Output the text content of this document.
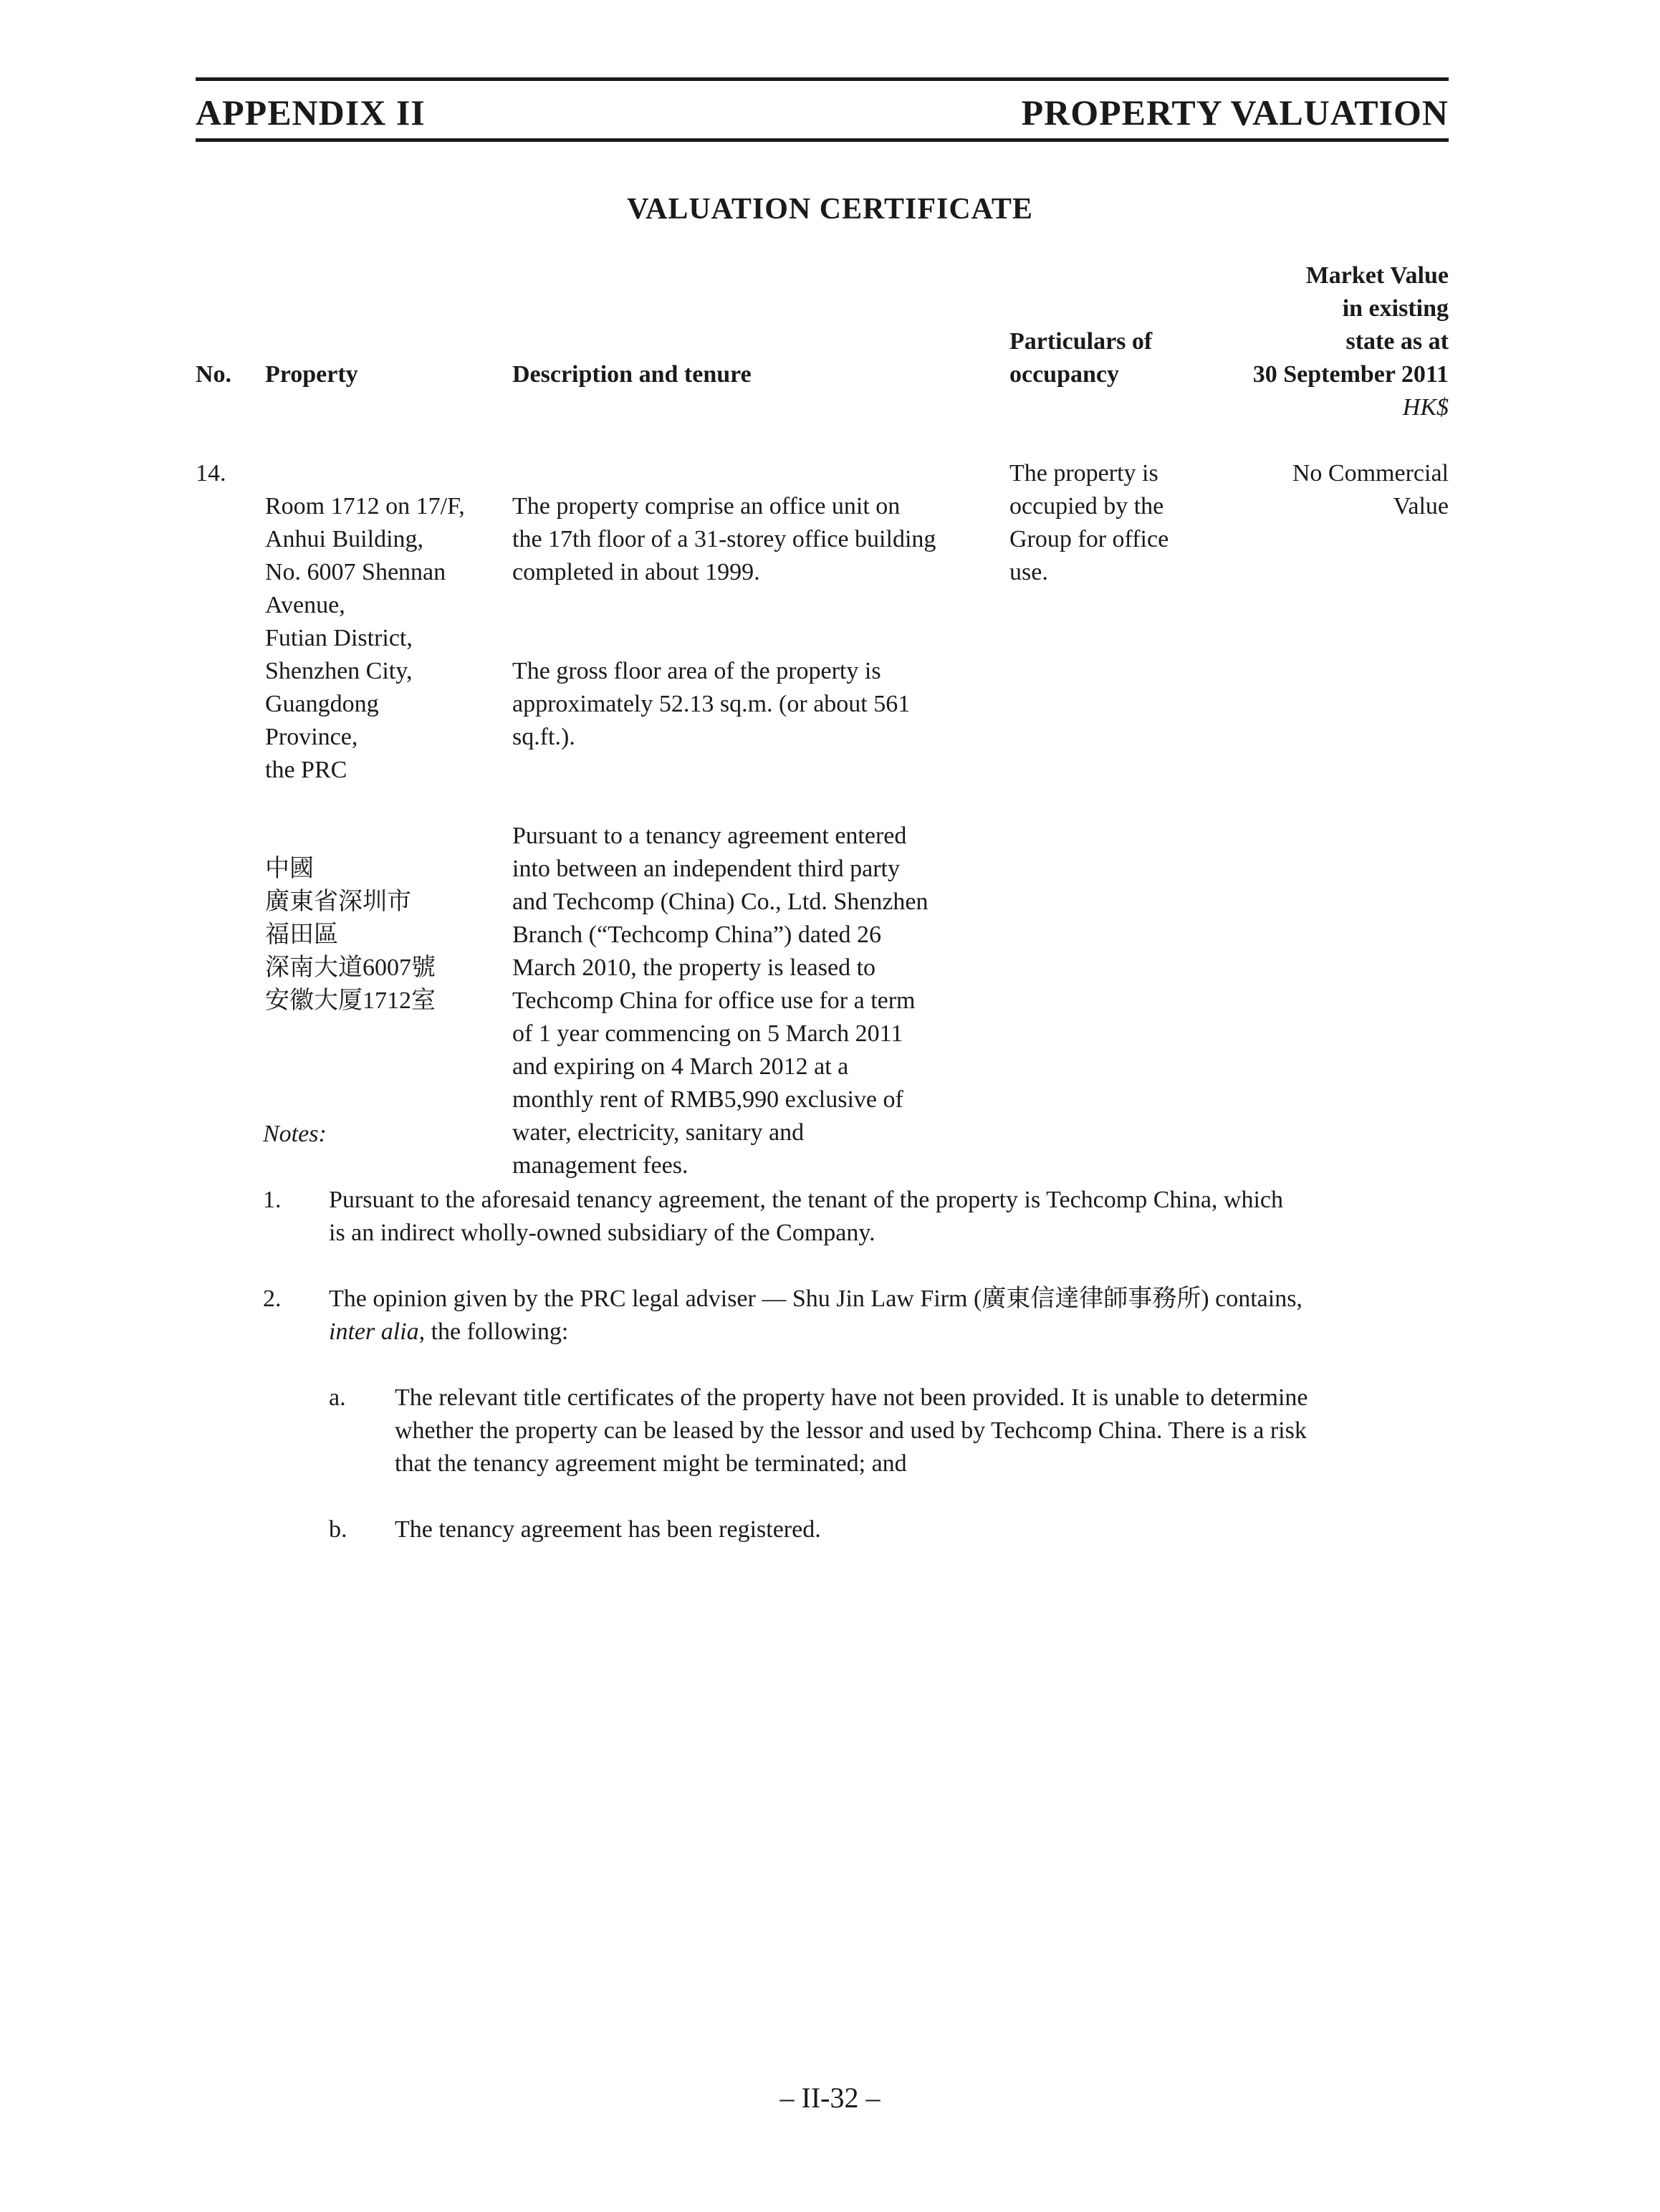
APPENDIX II	PROPERTY VALUATION
VALUATION CERTIFICATE
No. Property	Description and tenure
Particulars of
occupancy
Market Value
in existing
state as at
30 September 2011
HK$
14.

Room 1712 on 17/F,
Anhui Building,
No. 6007 Shennan
Avenue,
Futian District,
Shenzhen City,
Guangdong
Province,
the PRC

中國
廣東省深圳市
福田區
深南大道6007號
安徽大厦1712室

The property comprise an office unit on
the 17th floor of a 31-storey office building
completed in about 1999.

The gross floor area of the property is
approximately 52.13 sq.m. (or about 561
sq.ft.).

Pursuant to a tenancy agreement entered
into between an independent third party
and Techcomp (China) Co., Ltd. Shenzhen
Branch (“Techcomp China”) dated 26
March 2010, the property is leased to
Techcomp China for office use for a term
of 1 year commencing on 5 March 2011
and expiring on 4 March 2012 at a
monthly rent of RMB5,990 exclusive of
water, electricity, sanitary and
management fees.

The property is
occupied by the
Group for office
use.
No Commercial
Value
Notes:
1. Pursuant to the aforesaid tenancy agreement, the tenant of the property is Techcomp China, which
is an indirect wholly-owned subsidiary of the Company.
2. The opinion given by the PRC legal adviser — Shu Jin Law Firm (廣東信達律師事務所) contains,
inter alia, the following:
a. The relevant title certificates of the property have not been provided. It is unable to determine
whether the property can be leased by the lessor and used by Techcomp China. There is a risk
that the tenancy agreement might be terminated; and
b. The tenancy agreement has been registered.
– II-32 –
